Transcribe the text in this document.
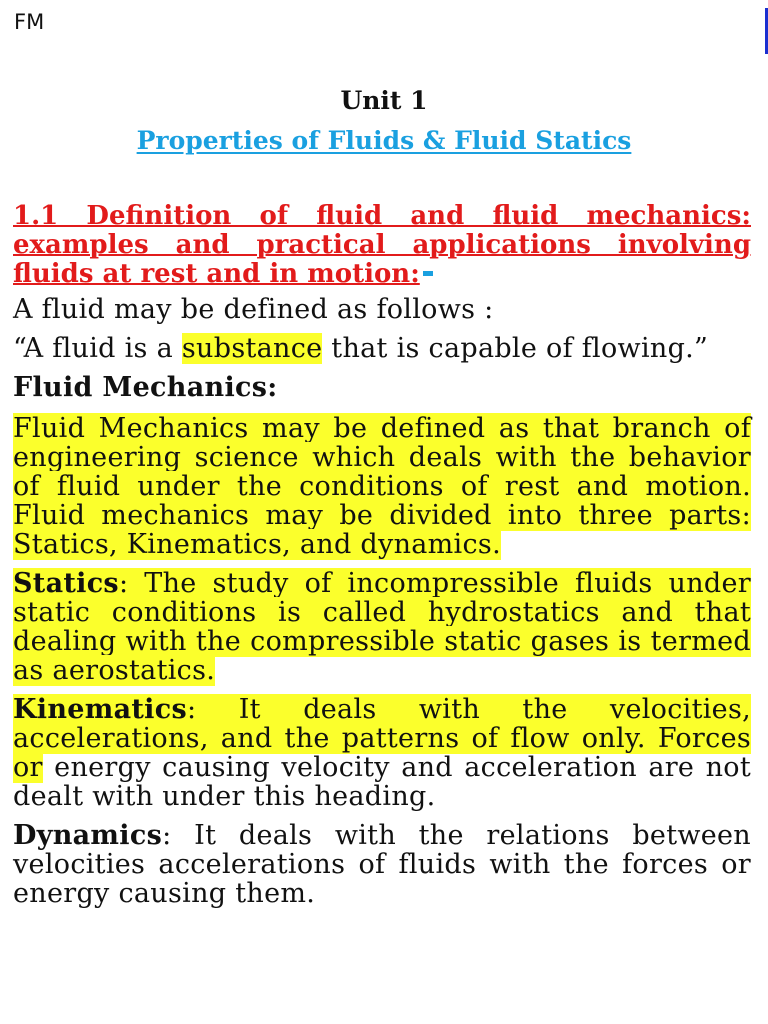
FM
Unit 1
Properties of Fluids & Fluid Statics
1.1 Definition of fluid and fluid mechanics: examples and practical applications involving fluids at rest and in motion:

A fluid may be defined as follows :

“A fluid is a substance that is capable of flowing.”

Fluid Mechanics:

Fluid Mechanics may be defined as that branch of engineering science which deals with the behavior of fluid under the conditions of rest and motion. Fluid mechanics may be divided into three parts: Statics, Kinematics, and dynamics.

Statics: The study of incompressible fluids under static conditions is called hydrostatics and that dealing with the compressible static gases is termed as aerostatics.

Kinematics: It deals with the velocities, accelerations, and the patterns of flow only. Forces or energy causing velocity and acceleration are not dealt with under this heading.

Dynamics: It deals with the relations between velocities accelerations of fluids with the forces or energy causing them.
